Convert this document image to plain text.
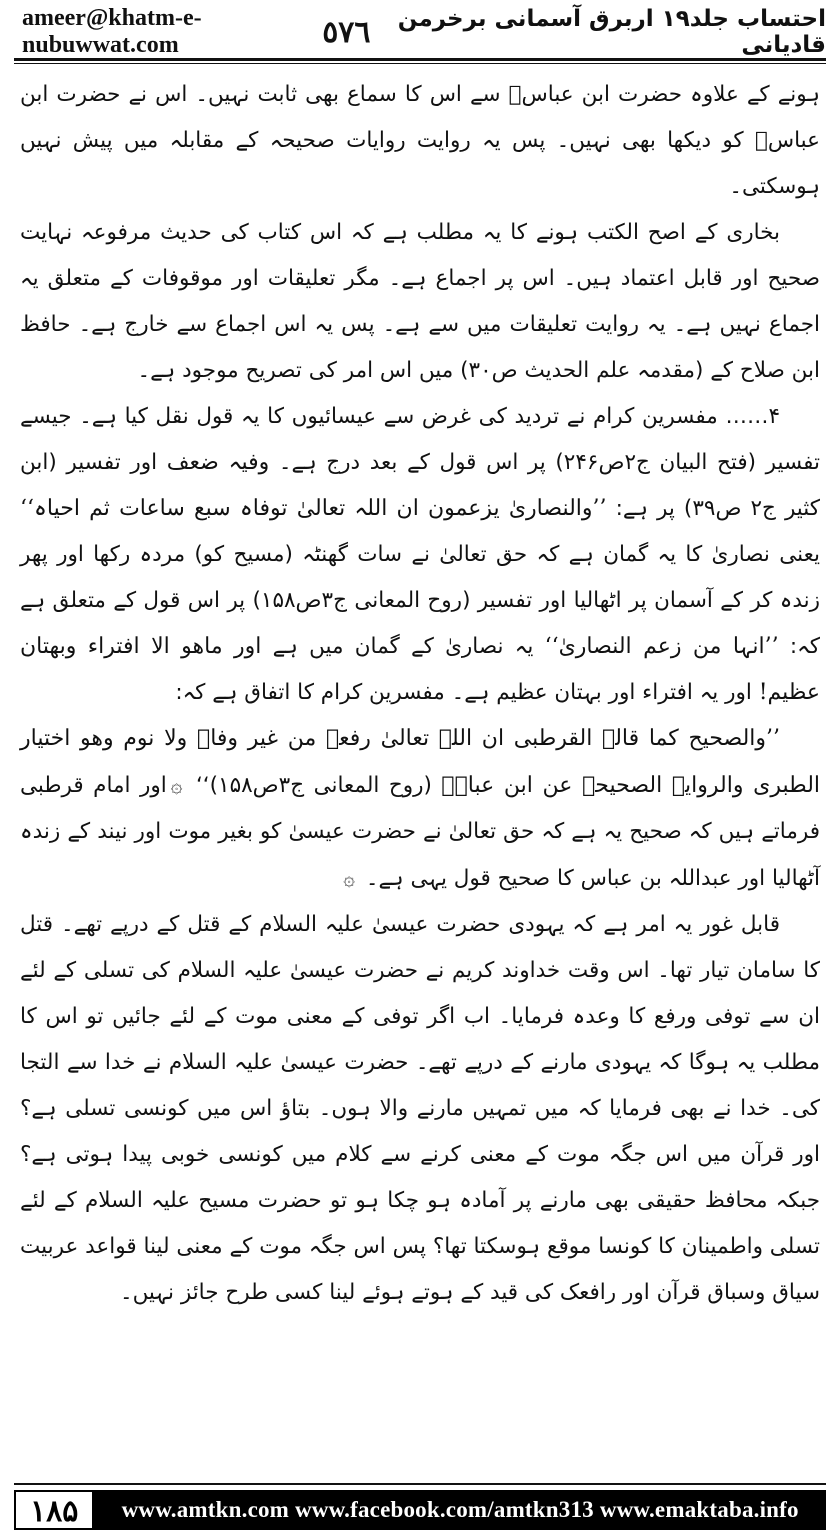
ameer@khatm-e-nubuwwat.com	٥٧٦	احتساب جلد۱۹ اربرق آسمانی برخرمن قادیانی

ہونے کے علاوہ حضرت ابن عباسؓ سے اس کا سماع بھی ثابت نہیں۔ اس نے حضرت ابن عباسؓ کو دیکھا بھی نہیں۔ پس یہ روایت روایات صحیحہ کے مقابلہ میں پیش نہیں ہوسکتی۔

بخاری کے اصح الکتب ہونے کا یہ مطلب ہے کہ اس کتاب کی حدیث مرفوعہ نہایت صحیح اور قابل اعتماد ہیں۔ اس پر اجماع ہے۔ مگر تعلیقات اور موقوفات کے متعلق یہ اجماع نہیں ہے۔ یہ روایت تعلیقات میں سے ہے۔ پس یہ اس اجماع سے خارج ہے۔ حافظ ابن صلاح کے (مقدمہ علم الحدیث ص۳۰) میں اس امر کی تصریح موجود ہے۔

۴…… مفسرین کرام نے تردید کی غرض سے عیسائیوں کا یہ قول نقل کیا ہے۔ جیسے تفسیر (فتح البیان ج۲ص۲۴۶) پر اس قول کے بعد درج ہے۔ وفیہ ضعف اور تفسیر (ابن کثیر ج۲ ص۳۹) پر ہے: ’’والنصاریٰ یزعمون ان اللہ تعالیٰ توفاہ سبع ساعات ثم احیاہ‘‘ یعنی نصاریٰ کا یہ گمان ہے کہ حق تعالیٰ نے سات گھنٹہ (مسیح کو) مردہ رکھا اور پھر زندہ کر کے آسمان پر اٹھالیا اور تفسیر (روح المعانی ج۳ص۱۵۸) پر اس قول کے متعلق ہے کہ: ’’انہا من زعم النصاریٰ‘‘ یہ نصاریٰ کے گمان میں ہے اور ماھو الا افتراء وبھتان عظیم! اور یہ افتراء اور بہتان عظیم ہے۔ مفسرین کرام کا اتفاق ہے کہ:

’’والصحیح کما قالہ القرطبی ان اللہ تعالیٰ رفعہ من غیر وفاۃ ولا نوم وھو اختیار الطبری والروایۃ الصحیحۃ عن ابن عباسؓ (روح المعانی ج۳ص۱۵۸)‘‘ ۞اور امام قرطبی فرماتے ہیں کہ صحیح یہ ہے کہ حق تعالیٰ نے حضرت عیسیٰ کو بغیر موت اور نیند کے زندہ آٹھالیا اور عبداللہ بن عباس کا صحیح قول یہی ہے۔ ۞

قابل غور یہ امر ہے کہ یہودی حضرت عیسیٰ علیہ السلام کے قتل کے درپے تھے۔ قتل کا سامان تیار تھا۔ اس وقت خداوند کریم نے حضرت عیسیٰ علیہ السلام کی تسلی کے لئے ان سے توفی ورفع کا وعدہ فرمایا۔ اب اگر توفی کے معنی موت کے لئے جائیں تو اس کا مطلب یہ ہوگا کہ یہودی مارنے کے درپے تھے۔ حضرت عیسیٰ علیہ السلام نے خدا سے التجا کی۔ خدا نے بھی فرمایا کہ میں تمہیں مارنے والا ہوں۔ بتاؤ اس میں کونسی تسلی ہے؟ اور قرآن میں اس جگہ موت کے معنی کرنے سے کلام میں کونسی خوبی پیدا ہوتی ہے؟ جبکہ محافظ حقیقی بھی مارنے پر آمادہ ہو چکا ہو تو حضرت مسیح علیہ السلام کے لئے تسلی واطمینان کا کونسا موقع ہوسکتا تھا؟ پس اس جگہ موت کے معنی لینا قواعد عربیت سیاق وسباق قرآن اور رافعک کی قید کے ہوتے ہوئے لینا کسی طرح جائز نہیں۔

۱۸۵	www.amtkn.com www.facebook.com/amtkn313 www.emaktaba.info
